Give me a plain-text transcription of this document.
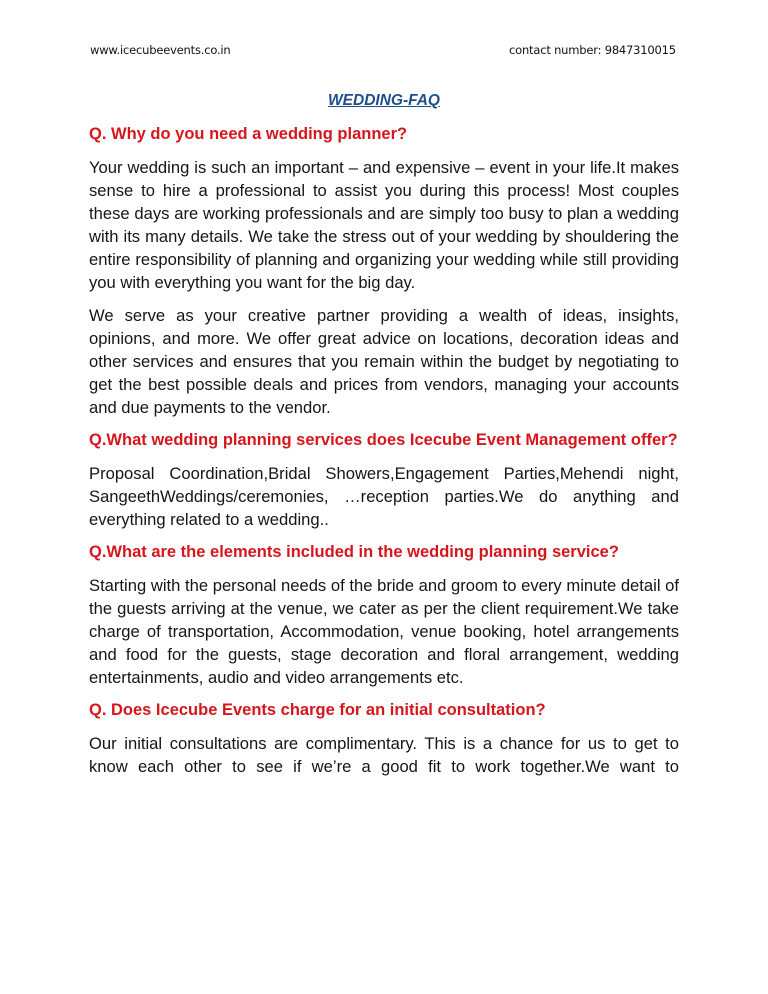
www.icecubeevents.co.in	contact number: 9847310015
WEDDING-FAQ
Q. Why do you need a wedding planner?
Your wedding is such an important – and expensive – event in your life.It makes sense to hire a professional to assist you during this process! Most couples these days are working professionals and are simply too busy to plan a wedding with its many details. We take the stress out of your wedding by shouldering the entire responsibility of planning and organizing your wedding while still providing you with everything you want for the big day.
We serve as your creative partner providing a wealth of ideas, insights, opinions, and more. We offer great advice on locations, decoration ideas and other services and ensures that you remain within the budget by negotiating to get the best possible deals and prices from vendors, managing your accounts and due payments to the vendor.
Q.What wedding planning services does Icecube Event Management offer?
Proposal Coordination,Bridal Showers,Engagement Parties,Mehendi night, SangeethWeddings/ceremonies, …reception parties.We do anything and everything related to a wedding..
Q.What are the elements included in the wedding planning service?
Starting with the personal needs of the bride and groom to every minute detail of the guests arriving at the venue, we cater as per the client requirement.We take charge of transportation, Accommodation, venue booking, hotel arrangements and food for the guests, stage decoration and floral arrangement, wedding entertainments, audio and video arrangements etc.
Q. Does Icecube Events charge for an initial consultation?
Our initial consultations are complimentary. This is a chance for us to get to know each other to see if we’re a good fit to work together.We want to
